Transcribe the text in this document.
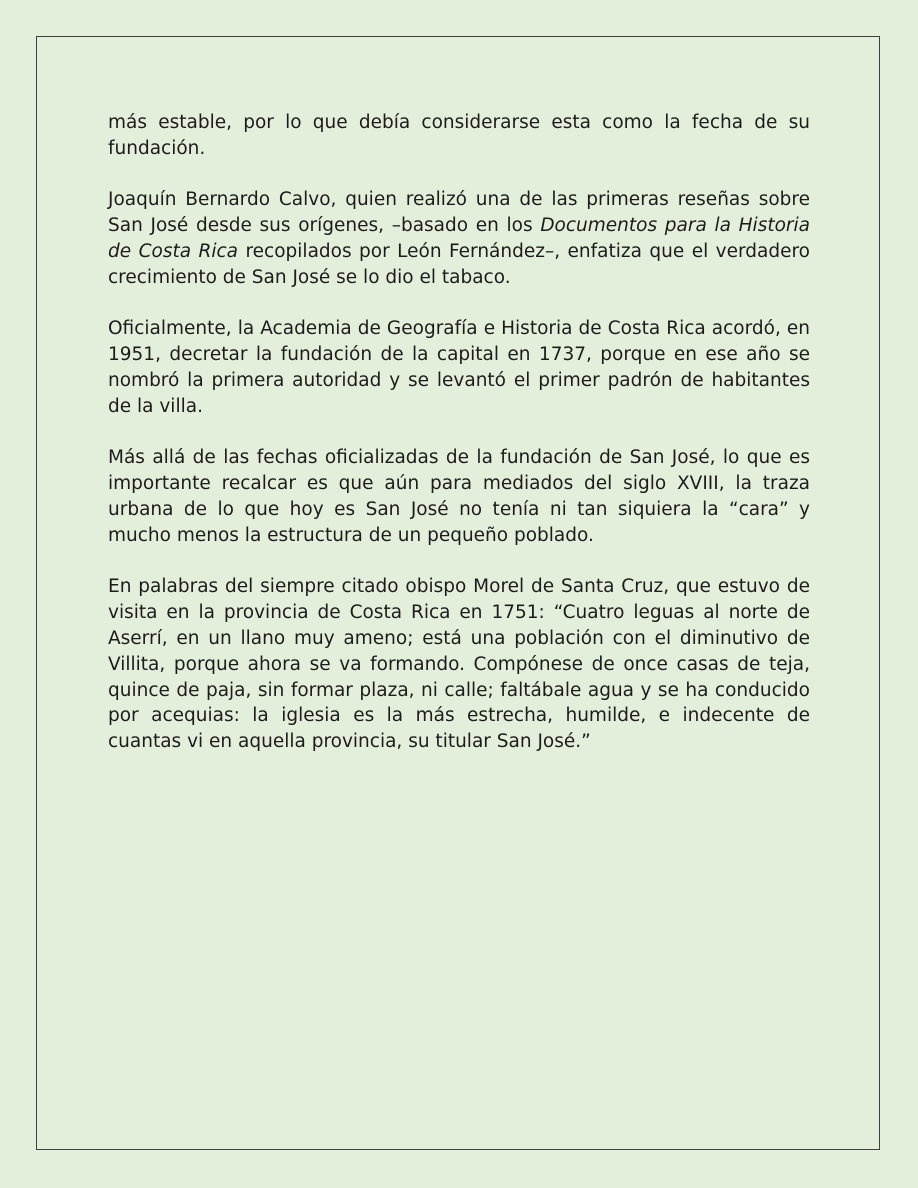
más estable, por lo que debía considerarse esta como la fecha de su fundación.

Joaquín Bernardo Calvo, quien realizó una de las primeras reseñas sobre San José desde sus orígenes, –basado en los Documentos para la Historia de Costa Rica recopilados por León Fernández–, enfatiza que el verdadero crecimiento de San José se lo dio el tabaco.

Oficialmente, la Academia de Geografía e Historia de Costa Rica acordó, en 1951, decretar la fundación de la capital en 1737, porque en ese año se nombró la primera autoridad y se levantó el primer padrón de habitantes de la villa.

Más allá de las fechas oficializadas de la fundación de San José, lo que es importante recalcar es que aún para mediados del siglo XVIII, la traza urbana de lo que hoy es San José no tenía ni tan siquiera la “cara” y mucho menos la estructura de un pequeño poblado.

En palabras del siempre citado obispo Morel de Santa Cruz, que estuvo de visita en la provincia de Costa Rica en 1751: “Cuatro leguas al norte de Aserrí, en un llano muy ameno; está una población con el diminutivo de Villita, porque ahora se va formando. Compónese de once casas de teja, quince de paja, sin formar plaza, ni calle; faltábale agua y se ha conducido por acequias: la iglesia es la más estrecha, humilde, e indecente de cuantas vi en aquella provincia, su titular San José.”
